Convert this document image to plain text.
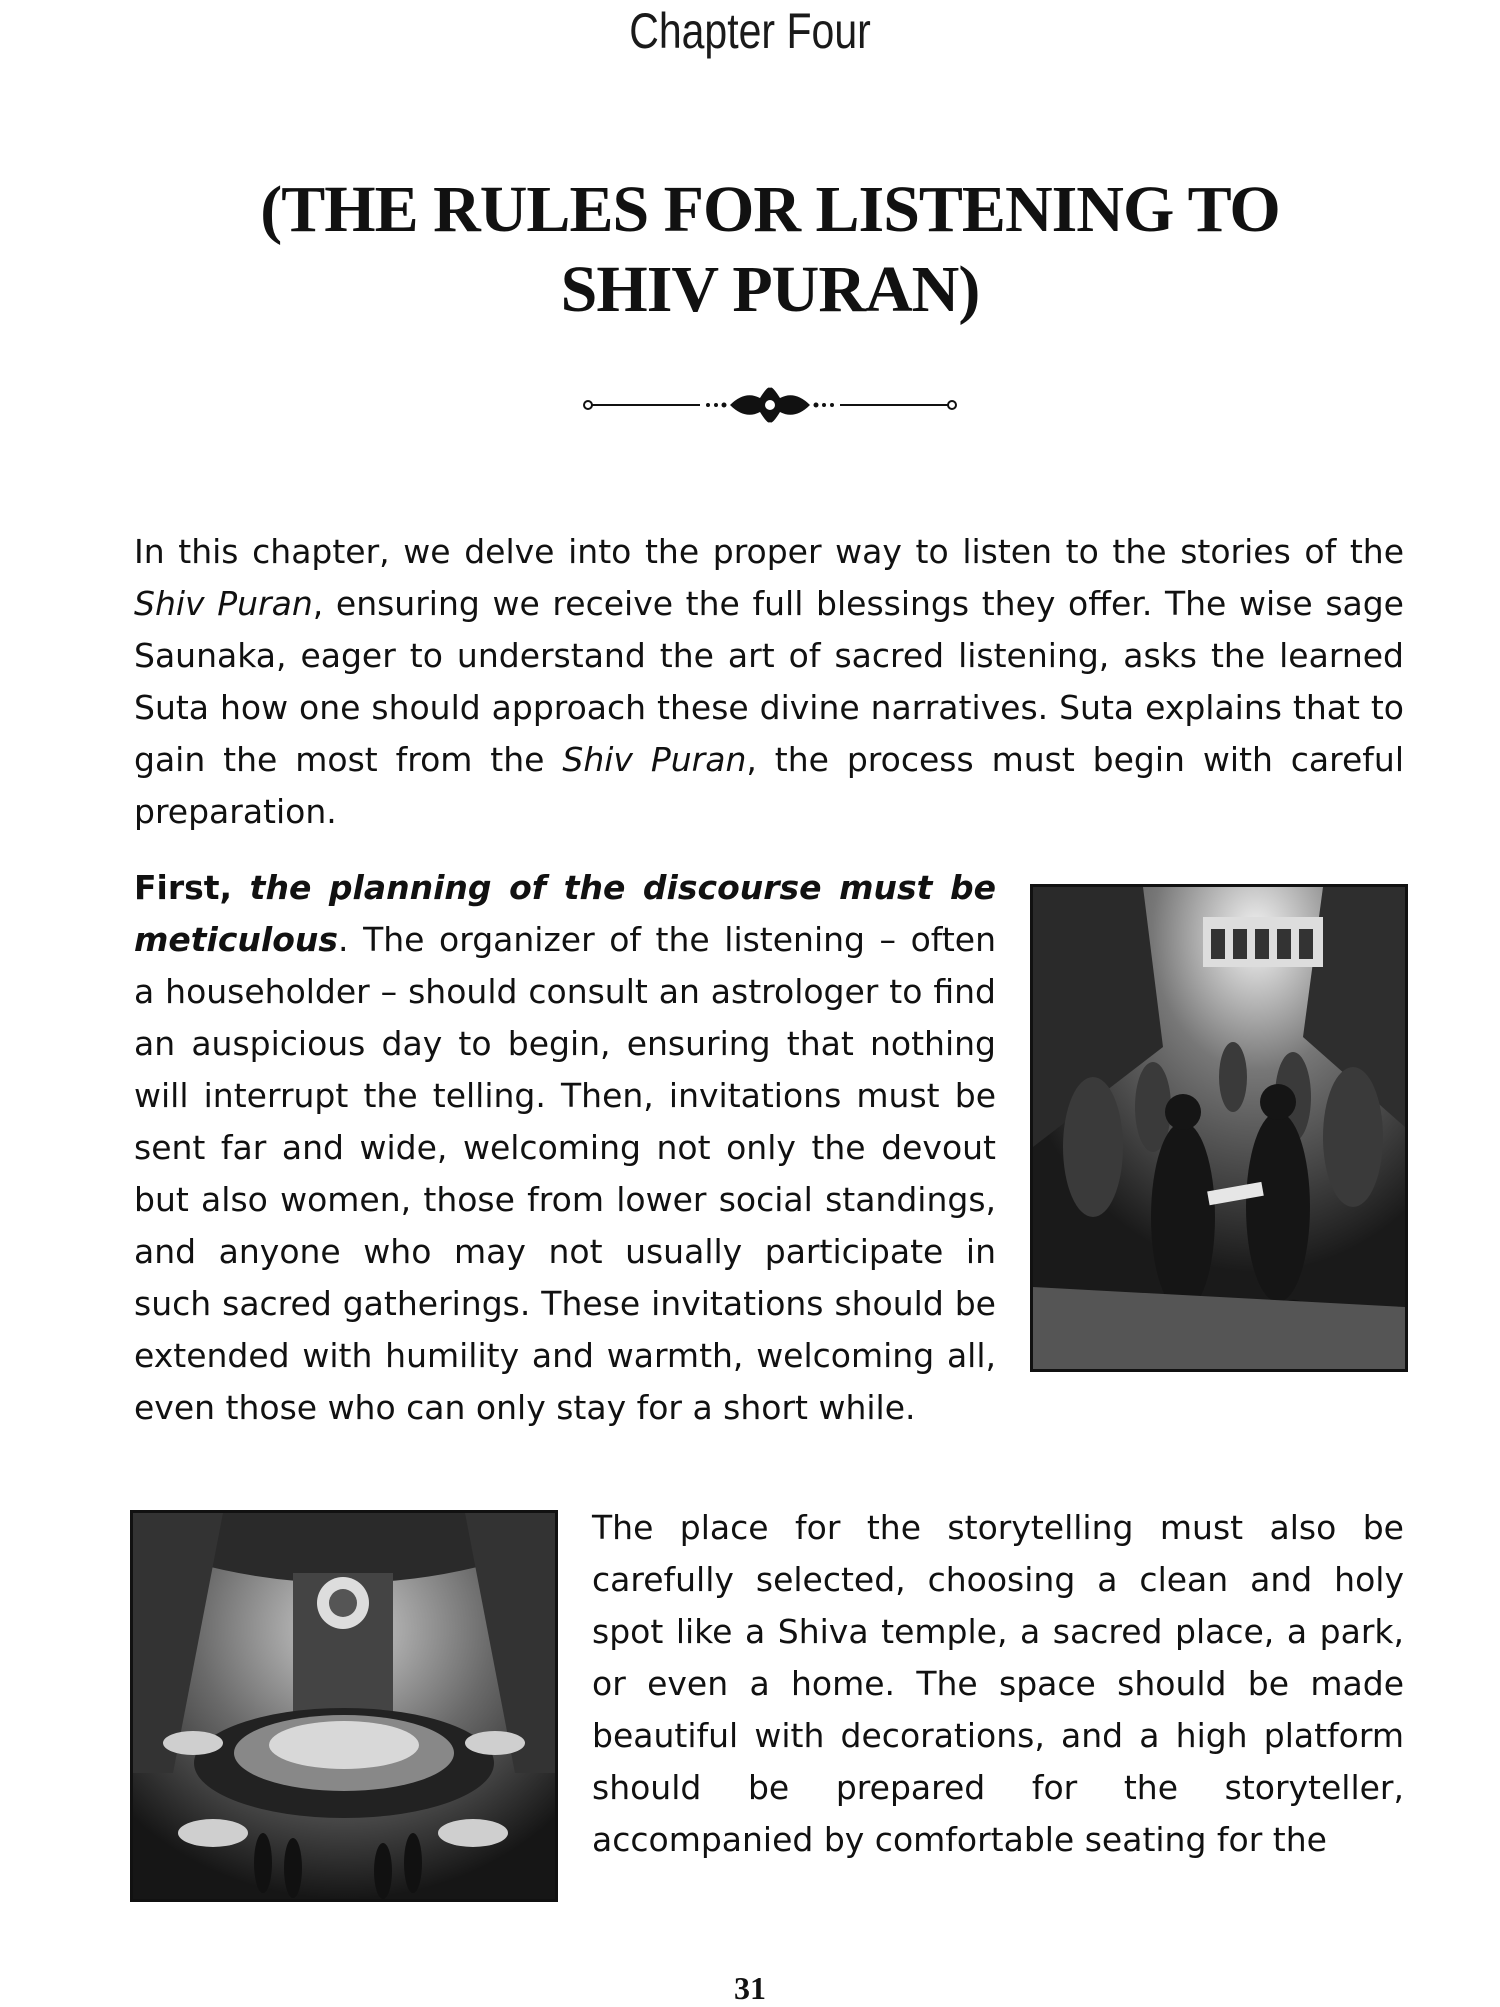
Chapter Four
(THE RULES FOR LISTENING TO
SHIV PURAN)

In this chapter, we delve into the proper way to listen to the stories of the Shiv Puran, ensuring we receive the full blessings they offer. The wise sage Saunaka, eager to understand the art of sacred listening, asks the learned Suta how one should approach these divine narratives. Suta explains that to gain the most from the Shiv Puran, the process must begin with careful preparation.

First, the planning of the discourse must be meticulous. The organizer of the listening – often a householder – should consult an astrologer to find an auspicious day to begin, ensuring that nothing will interrupt the telling. Then, invitations must be sent far and wide, welcoming not only the devout but also women, those from lower social standings, and anyone who may not usually participate in such sacred gatherings. These invitations should be extended with humility and warmth, welcoming all, even those who can only stay for a short while.

The place for the storytelling must also be carefully selected, choosing a clean and holy spot like a Shiva temple, a sacred place, a park, or even a home. The space should be made beautiful with decorations, and a high platform should be prepared for the storyteller, accompanied by comfortable seating for the

31
